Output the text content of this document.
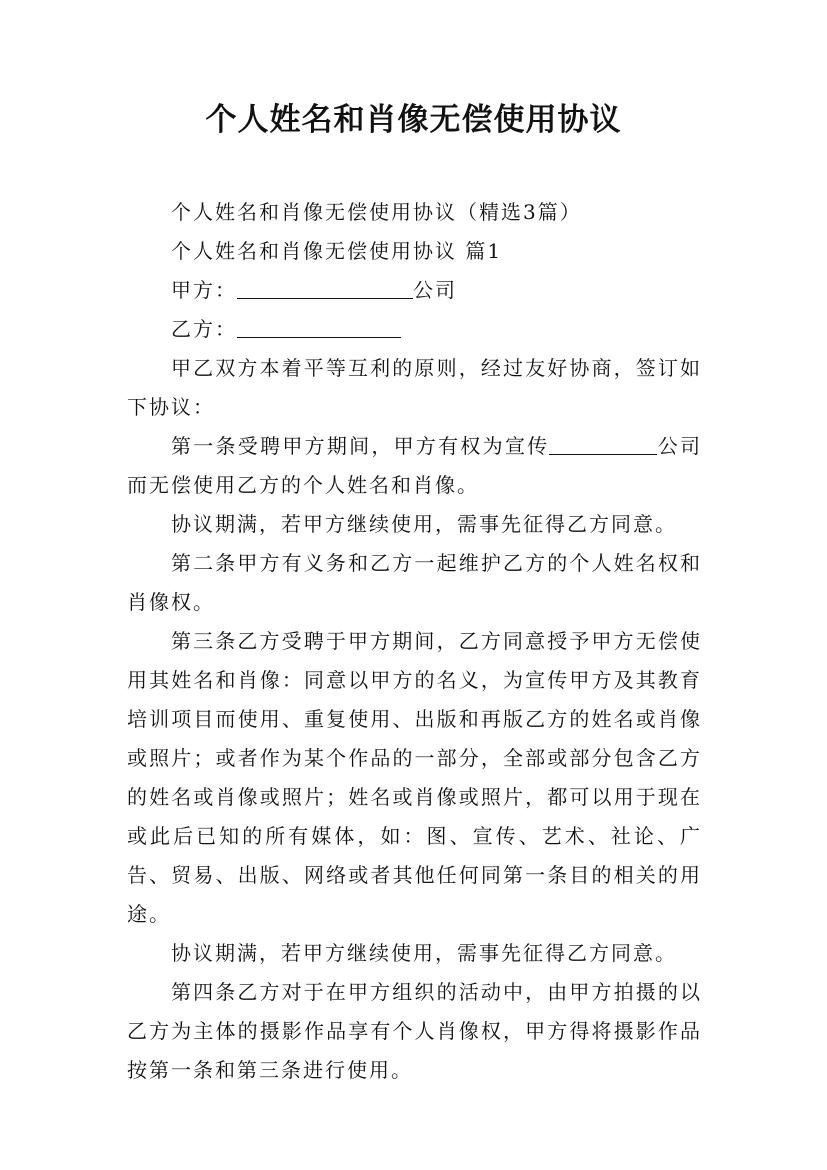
个人姓名和肖像无偿使用协议

个人姓名和肖像无偿使用协议（精选3篇）

个人姓名和肖像无偿使用协议 篇1

甲方：	公司

乙方：

甲乙双方本着平等互利的原则，经过友好协商，签订如下协议：

第一条受聘甲方期间，甲方有权为宣传	公司而无偿使用乙方的个人姓名和肖像。

协议期满，若甲方继续使用，需事先征得乙方同意。

第二条甲方有义务和乙方一起维护乙方的个人姓名权和肖像权。

第三条乙方受聘于甲方期间，乙方同意授予甲方无偿使用其姓名和肖像：同意以甲方的名义，为宣传甲方及其教育培训项目而使用、重复使用、出版和再版乙方的姓名或肖像或照片；或者作为某个作品的一部分，全部或部分包含乙方的姓名或肖像或照片；姓名或肖像或照片，都可以用于现在或此后已知的所有媒体，如：图、宣传、艺术、社论、广告、贸易、出版、网络或者其他任何同第一条目的相关的用途。

协议期满，若甲方继续使用，需事先征得乙方同意。

第四条乙方对于在甲方组织的活动中，由甲方拍摄的以乙方为主体的摄影作品享有个人肖像权，甲方得将摄影作品按第一条和第三条进行使用。
